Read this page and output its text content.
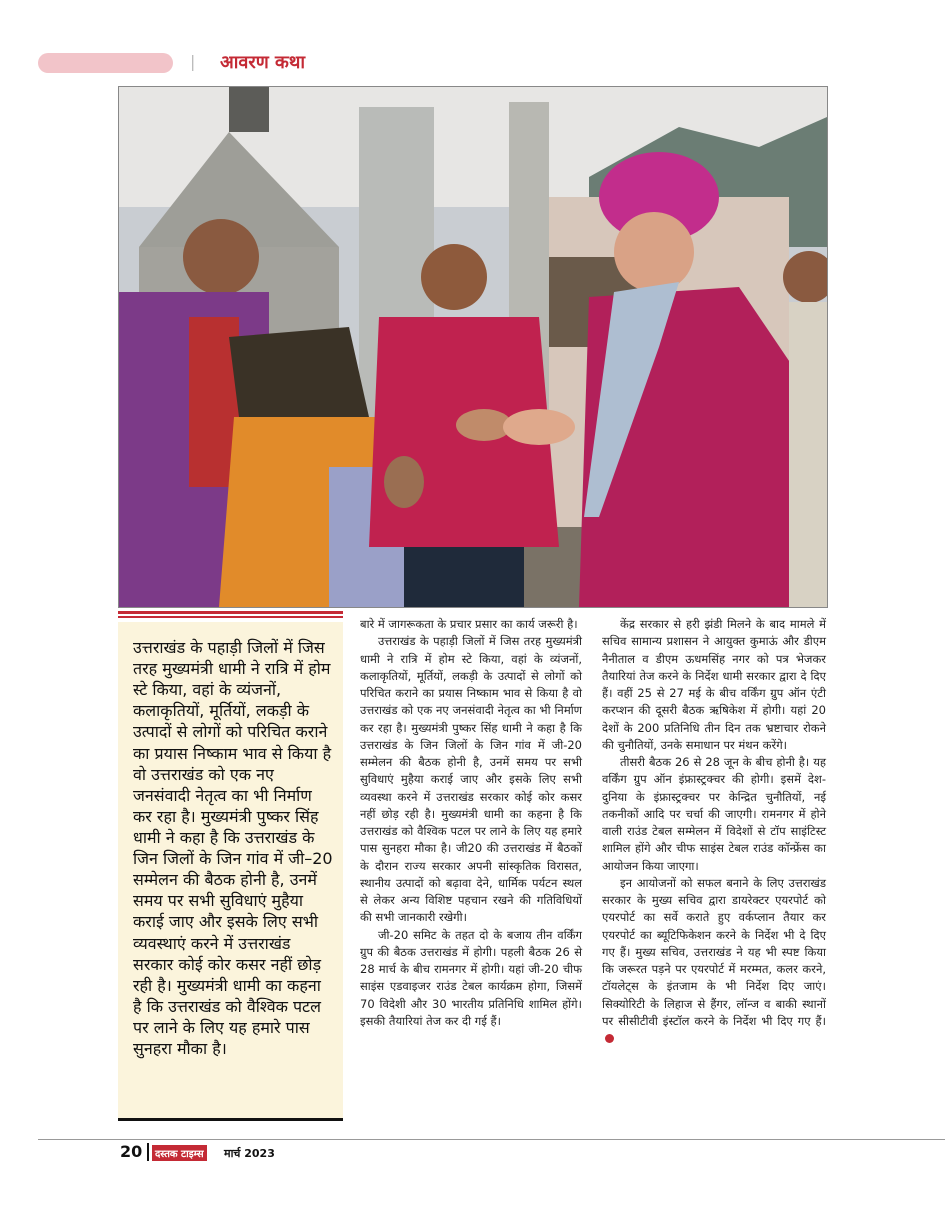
| आवरण कथा
उत्तराखंड के पहाड़ी जिलों में जिस तरह मुख्यमंत्री धामी ने रात्रि में होम स्टे किया, वहां के व्यंजनों, कलाकृतियों, मूर्तियों, लकड़ी के उत्पादों से लोगों को परिचित कराने का प्रयास निष्काम भाव से किया है वो उत्तराखंड को एक नए जनसंवादी नेतृत्व का भी निर्माण कर रहा है। मुख्यमंत्री पुष्कर सिंह धामी ने कहा है कि उत्तराखंड के जिन जिलों के जिन गांव में जी–20 सम्मेलन की बैठक होनी है, उनमें समय पर सभी सुविधाएं मुहैया कराई जाए और इसके लिए सभी व्यवस्थाएं करने में उत्तराखंड सरकार कोई कोर कसर नहीं छोड़ रही है। मुख्यमंत्री धामी का कहना है कि उत्तराखंड को वैश्विक पटल पर लाने के लिए यह हमारे पास सुनहरा मौका है।

बारे में जागरूकता के प्रचार प्रसार का कार्य जरूरी है।

उत्तराखंड के पहाड़ी जिलों में जिस तरह मुख्यमंत्री धामी ने रात्रि में होम स्टे किया, वहां के व्यंजनों, कलाकृतियों, मूर्तियों, लकड़ी के उत्पादों से लोगों को परिचित कराने का प्रयास निष्काम भाव से किया है वो उत्तराखंड को एक नए जनसंवादी नेतृत्व का भी निर्माण कर रहा है। मुख्यमंत्री पुष्कर सिंह धामी ने कहा है कि उत्तराखंड के जिन जिलों के जिन गांव में जी-20 सम्मेलन की बैठक होनी है, उनमें समय पर सभी सुविधाएं मुहैया कराई जाए और इसके लिए सभी व्यवस्था करने में उत्तराखंड सरकार कोई कोर कसर नहीं छोड़ रही है। मुख्यमंत्री धामी का कहना है कि उत्तराखंड को वैश्विक पटल पर लाने के लिए यह हमारे पास सुनहरा मौका है। जी20 की उत्तराखंड में बैठकों के दौरान राज्य सरकार अपनी सांस्कृतिक विरासत, स्थानीय उत्पादों को बढ़ावा देने, धार्मिक पर्यटन स्थल से लेकर अन्य विशिष्ट पहचान रखने की गतिविधियों की सभी जानकारी रखेगी।

जी-20 समिट के तहत दो के बजाय तीन वर्किंग ग्रुप की बैठक उत्तराखंड में होगी। पहली बैठक 26 से 28 मार्च के बीच रामनगर में होगी। यहां जी-20 चीफ साइंस एडवाइजर राउंड टेबल कार्यक्रम होगा, जिसमें 70 विदेशी और 30 भारतीय प्रतिनिधि शामिल होंगे। इसकी तैयारियां तेज कर दी गई हैं।

केंद्र सरकार से हरी झंडी मिलने के बाद मामले में सचिव सामान्य प्रशासन ने आयुक्त कुमाऊं और डीएम नैनीताल व डीएम ऊधमसिंह नगर को पत्र भेजकर तैयारियां तेज करने के निर्देश धामी सरकार द्वारा दे दिए हैं। वहीं 25 से 27 मई के बीच वर्किंग ग्रुप ऑन एंटी करप्शन की दूसरी बैठक ऋषिकेश में होगी। यहां 20 देशों के 200 प्रतिनिधि तीन दिन तक भ्रष्टाचार रोकने की चुनौतियों, उनके समाधान पर मंथन करेंगे।

तीसरी बैठक 26 से 28 जून के बीच होनी है। यह वर्किंग ग्रुप ऑन इंफ्रास्ट्रक्चर की होगी। इसमें देश-दुनिया के इंफ्रास्ट्रक्चर पर केन्द्रित चुनौतियों, नई तकनीकों आदि पर चर्चा की जाएगी। रामनगर में होने वाली राउंड टेबल सम्मेलन में विदेशों से टॉप साइंटिस्ट शामिल होंगे और चीफ साइंस टेबल राउंड कॉन्फ्रेंस का आयोजन किया जाएगा।

इन आयोजनों को सफल बनाने के लिए उत्तराखंड सरकार के मुख्य सचिव द्वारा डायरेक्टर एयरपोर्ट को एयरपोर्ट का सर्वे कराते हुए वर्कप्लान तैयार कर एयरपोर्ट का ब्यूटिफिकेशन करने के निर्देश भी दे दिए गए हैं। मुख्य सचिव, उत्तराखंड ने यह भी स्पष्ट किया कि जरूरत पड़ने पर एयरपोर्ट में मरम्मत, कलर करने, टॉयलेट्स के इंतजाम के भी निर्देश दिए जाएं। सिक्योरिटी के लिहाज से हैंगर, लॉन्ज व बाकी स्थानों पर सीसीटीवी इंस्टॉल करने के निर्देश भी दिए गए हैं।

20	दस्तक टाइम्स मार्च 2023
